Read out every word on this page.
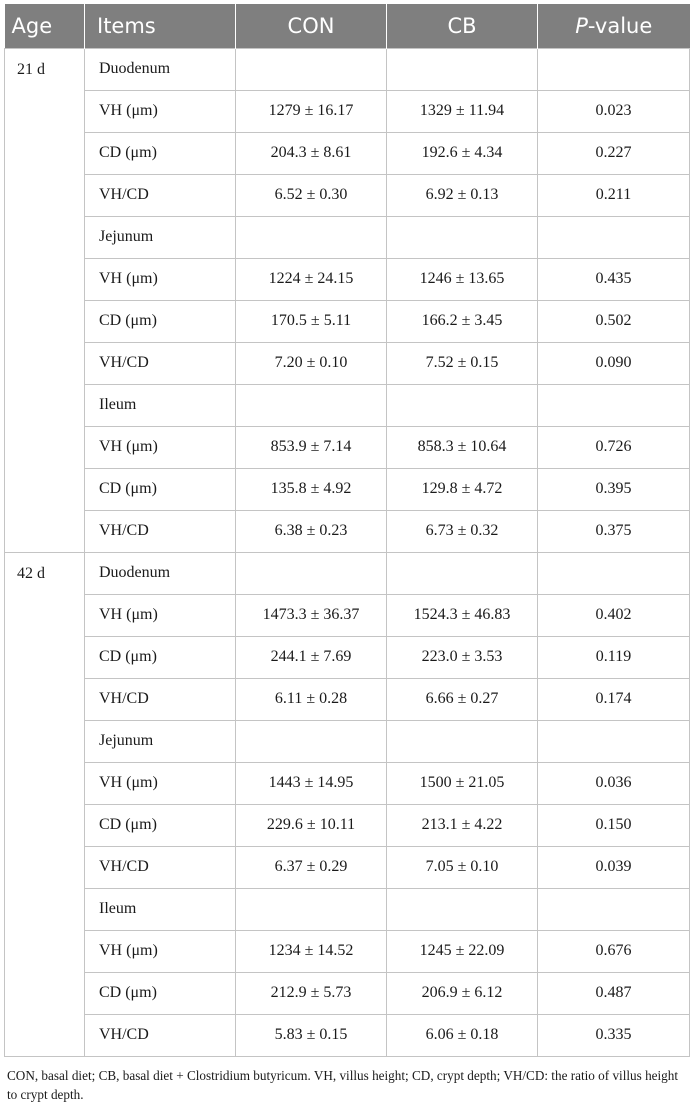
Age	Items	CON	CB	P-value
21 d	Duodenum			
	VH (μm)	1279 ± 16.17	1329 ± 11.94	0.023
	CD (μm)	204.3 ± 8.61	192.6 ± 4.34	0.227
	VH/CD	6.52 ± 0.30	6.92 ± 0.13	0.211
	Jejunum			
	VH (μm)	1224 ± 24.15	1246 ± 13.65	0.435
	CD (μm)	170.5 ± 5.11	166.2 ± 3.45	0.502
	VH/CD	7.20 ± 0.10	7.52 ± 0.15	0.090
	Ileum			
	VH (μm)	853.9 ± 7.14	858.3 ± 10.64	0.726
	CD (μm)	135.8 ± 4.92	129.8 ± 4.72	0.395
	VH/CD	6.38 ± 0.23	6.73 ± 0.32	0.375
42 d	Duodenum			
	VH (μm)	1473.3 ± 36.37	1524.3 ± 46.83	0.402
	CD (μm)	244.1 ± 7.69	223.0 ± 3.53	0.119
	VH/CD	6.11 ± 0.28	6.66 ± 0.27	0.174
	Jejunum			
	VH (μm)	1443 ± 14.95	1500 ± 21.05	0.036
	CD (μm)	229.6 ± 10.11	213.1 ± 4.22	0.150
	VH/CD	6.37 ± 0.29	7.05 ± 0.10	0.039
	Ileum			
	VH (μm)	1234 ± 14.52	1245 ± 22.09	0.676
	CD (μm)	212.9 ± 5.73	206.9 ± 6.12	0.487
	VH/CD	5.83 ± 0.15	6.06 ± 0.18	0.335
CON, basal diet; CB, basal diet + Clostridium butyricum. VH, villus height; CD, crypt depth; VH/CD: the ratio of villus height to crypt depth.
